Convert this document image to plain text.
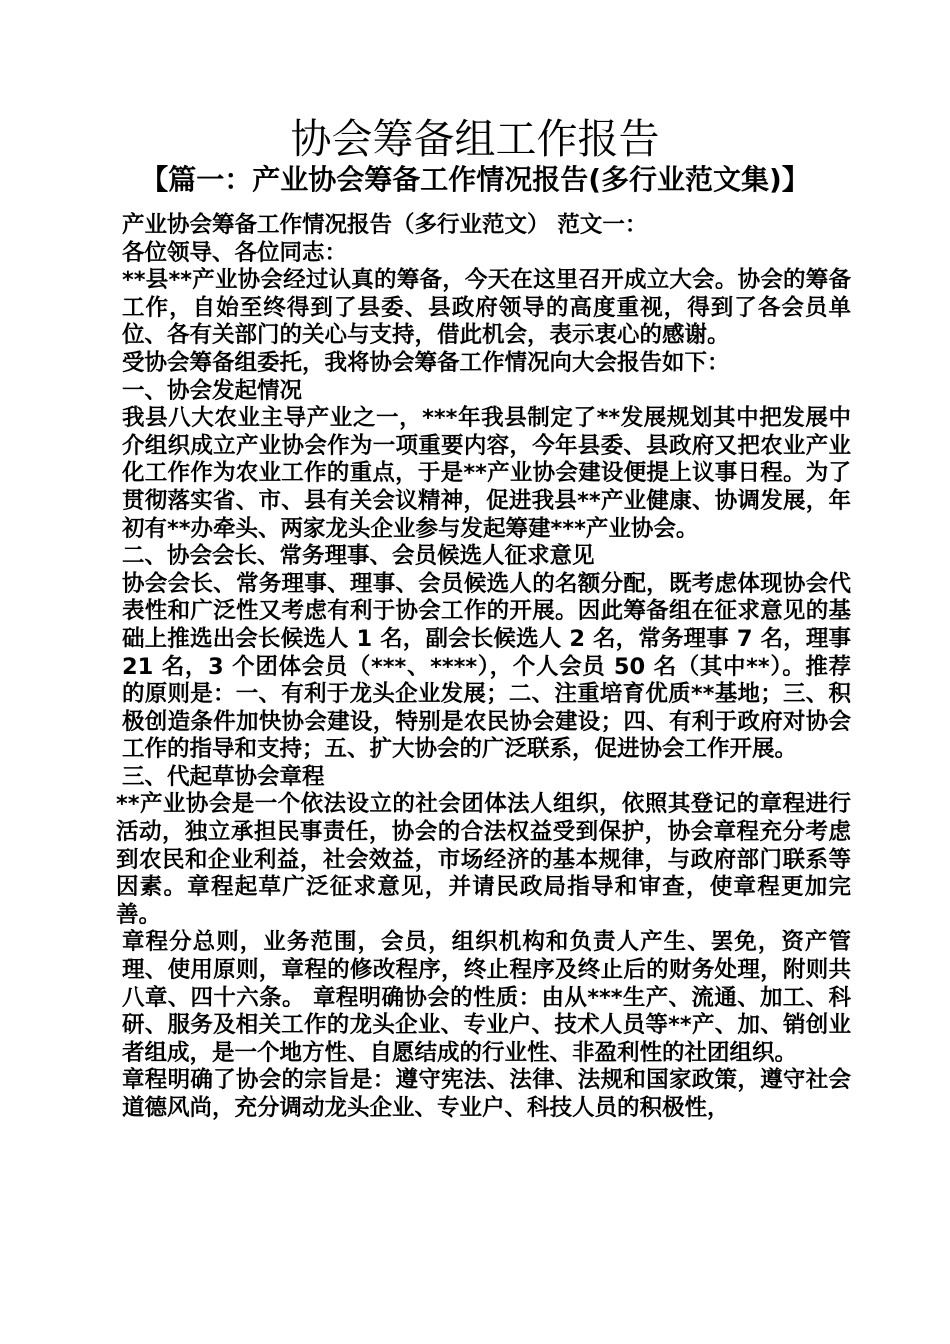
协会筹备组工作报告
【篇一：产业协会筹备工作情况报告(多行业范文集)】

产业协会筹备工作情况报告（多行业范文） 范文一：

各位领导、各位同志：

**县**产业协会经过认真的筹备，今天在这里召开成立大会。协会的筹备工作，自始至终得到了县委、县政府领导的高度重视，得到了各会员单位、各有关部门的关心与支持，借此机会，表示衷心的感谢。

受协会筹备组委托，我将协会筹备工作情况向大会报告如下：

一、协会发起情况

我县八大农业主导产业之一，***年我县制定了**发展规划其中把发展中介组织成立产业协会作为一项重要内容，今年县委、县政府又把农业产业化工作作为农业工作的重点，于是**产业协会建设便提上议事日程。为了贯彻落实省、市、县有关会议精神，促进我县**产业健康、协调发展，年初有**办牵头、两家龙头企业参与发起筹建***产业协会。

二、协会会长、常务理事、会员候选人征求意见

协会会长、常务理事、理事、会员候选人的名额分配，既考虑体现协会代表性和广泛性又考虑有利于协会工作的开展。因此筹备组在征求意见的基础上推选出会长候选人 1 名，副会长候选人 2 名，常务理事 7 名，理事 21 名，3 个团体会员（***、****），个人会员 50 名（其中**）。推荐的原则是：一、有利于龙头企业发展；二、注重培育优质**基地；三、积极创造条件加快协会建设，特别是农民协会建设；四、有利于政府对协会工作的指导和支持；五、扩大协会的广泛联系，促进协会工作开展。

三、代起草协会章程

**产业协会是一个依法设立的社会团体法人组织，依照其登记的章程进行活动，独立承担民事责任，协会的合法权益受到保护，协会章程充分考虑到农民和企业利益，社会效益，市场经济的基本规律，与政府部门联系等因素。章程起草广泛征求意见，并请民政局指导和审查，使章程更加完善。

章程分总则，业务范围，会员，组织机构和负责人产生、罢免，资产管理、使用原则，章程的修改程序，终止程序及终止后的财务处理，附则共八章、四十六条。 章程明确协会的性质：由从***生产、流通、加工、科研、服务及相关工作的龙头企业、专业户、技术人员等**产、加、销创业者组成，是一个地方性、自愿结成的行业性、非盈利性的社团组织。

章程明确了协会的宗旨是：遵守宪法、法律、法规和国家政策，遵守社会道德风尚，充分调动龙头企业、专业户、科技人员的积极性，
